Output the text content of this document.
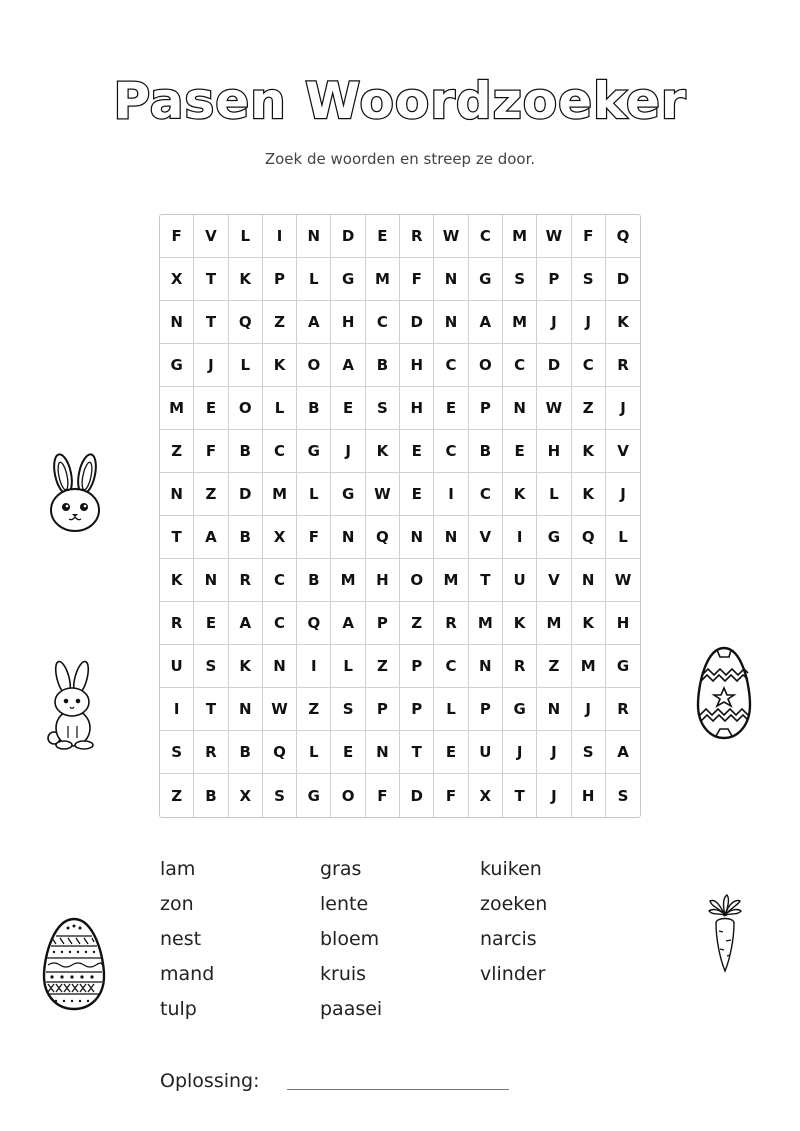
Pasen Woordzoeker
Zoek de woorden en streep ze door.
F	V	L	I	N	D	E	R	W	C	M	W	F	Q
X	T	K	P	L	G	M	F	N	G	S	P	S	D
N	T	Q	Z	A	H	C	D	N	A	M	J	J	K
G	J	L	K	O	A	B	H	C	O	C	D	C	R
M	E	O	L	B	E	S	H	E	P	N	W	Z	J
Z	F	B	C	G	J	K	E	C	B	E	H	K	V
N	Z	D	M	L	G	W	E	I	C	K	L	K	J
T	A	B	X	F	N	Q	N	N	V	I	G	Q	L
K	N	R	C	B	M	H	O	M	T	U	V	N	W
R	E	A	C	Q	A	P	Z	R	M	K	M	K	H
U	S	K	N	I	L	Z	P	C	N	R	Z	M	G
I	T	N	W	Z	S	P	P	L	P	G	N	J	R
S	R	B	Q	L	E	N	T	E	U	J	J	S	A
Z	B	X	S	G	O	F	D	F	X	T	J	H	S
lam
zon
nest
mand
tulp
gras
lente
bloem
kruis
paasei
kuiken
zoeken
narcis
vlinder
Oplossing:
